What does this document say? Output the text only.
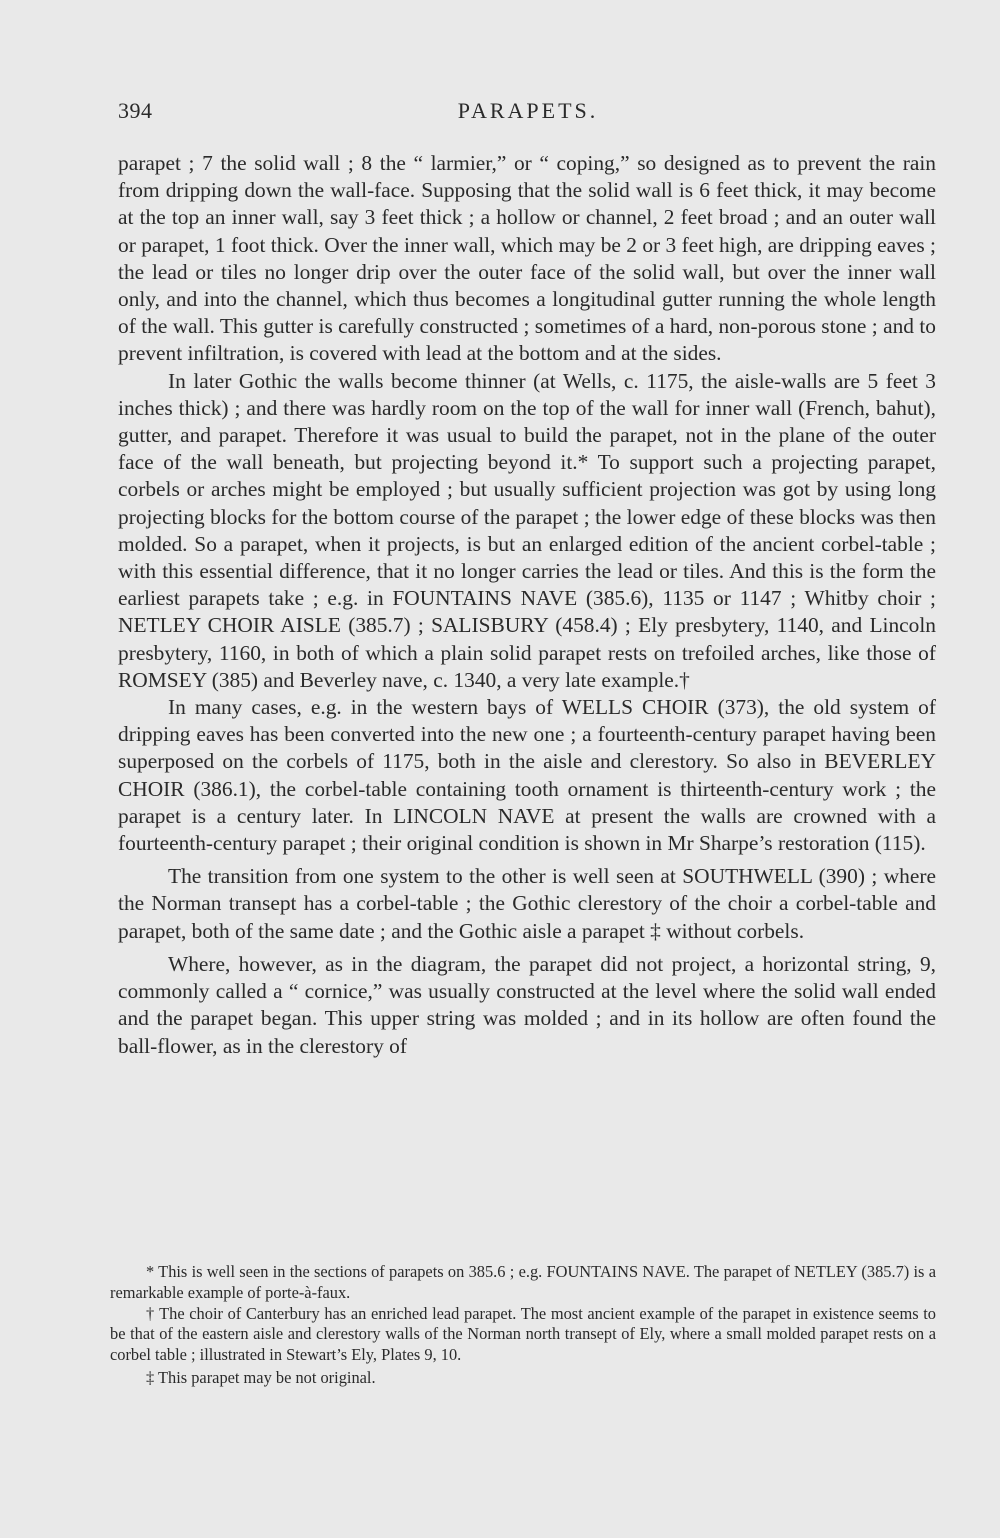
394	PARAPETS.

parapet ; 7 the solid wall ; 8 the “ larmier,” or “ coping,” so designed as to prevent the rain from dripping down the wall-face. Supposing that the solid wall is 6 feet thick, it may become at the top an inner wall, say 3 feet thick ; a hollow or channel, 2 feet broad ; and an outer wall or parapet, 1 foot thick. Over the inner wall, which may be 2 or 3 feet high, are dripping eaves ; the lead or tiles no longer drip over the outer face of the solid wall, but over the inner wall only, and into the channel, which thus becomes a longitudinal gutter running the whole length of the wall. This gutter is carefully constructed ; sometimes of a hard, non-porous stone ; and to prevent infiltration, is covered with lead at the bottom and at the sides.

In later Gothic the walls become thinner (at Wells, c. 1175, the aisle-walls are 5 feet 3 inches thick) ; and there was hardly room on the top of the wall for inner wall (French, bahut), gutter, and parapet. Therefore it was usual to build the parapet, not in the plane of the outer face of the wall beneath, but projecting beyond it.* To support such a projecting parapet, corbels or arches might be employed ; but usually sufficient projection was got by using long projecting blocks for the bottom course of the parapet ; the lower edge of these blocks was then molded. So a parapet, when it projects, is but an enlarged edition of the ancient corbel-table ; with this essential difference, that it no longer carries the lead or tiles. And this is the form the earliest parapets take ; e.g. in FOUNTAINS NAVE (385.6), 1135 or 1147 ; Whitby choir ; NETLEY CHOIR AISLE (385.7) ; SALISBURY (458.4) ; Ely presbytery, 1140, and Lincoln presbytery, 1160, in both of which a plain solid parapet rests on trefoiled arches, like those of ROMSEY (385) and Beverley nave, c. 1340, a very late example.†

In many cases, e.g. in the western bays of WELLS CHOIR (373), the old system of dripping eaves has been converted into the new one ; a fourteenth-century parapet having been superposed on the corbels of 1175, both in the aisle and clerestory. So also in BEVERLEY CHOIR (386.1), the corbel-table containing tooth ornament is thirteenth-century work ; the parapet is a century later. In LINCOLN NAVE at present the walls are crowned with a fourteenth-century parapet ; their original condition is shown in Mr Sharpe’s restoration (115).

The transition from one system to the other is well seen at SOUTHWELL (390) ; where the Norman transept has a corbel-table ; the Gothic clerestory of the choir a corbel-table and parapet, both of the same date ; and the Gothic aisle a parapet ‡ without corbels.

Where, however, as in the diagram, the parapet did not project, a horizontal string, 9, commonly called a “ cornice,” was usually constructed at the level where the solid wall ended and the parapet began. This upper string was molded ; and in its hollow are often found the ball-flower, as in the clerestory of

* This is well seen in the sections of parapets on 385.6 ; e.g. FOUNTAINS NAVE. The parapet of NETLEY (385.7) is a remarkable example of porte-à-faux.

† The choir of Canterbury has an enriched lead parapet. The most ancient example of the parapet in existence seems to be that of the eastern aisle and clerestory walls of the Norman north transept of Ely, where a small molded parapet rests on a corbel table ; illustrated in Stewart’s Ely, Plates 9, 10.

‡ This parapet may be not original.
